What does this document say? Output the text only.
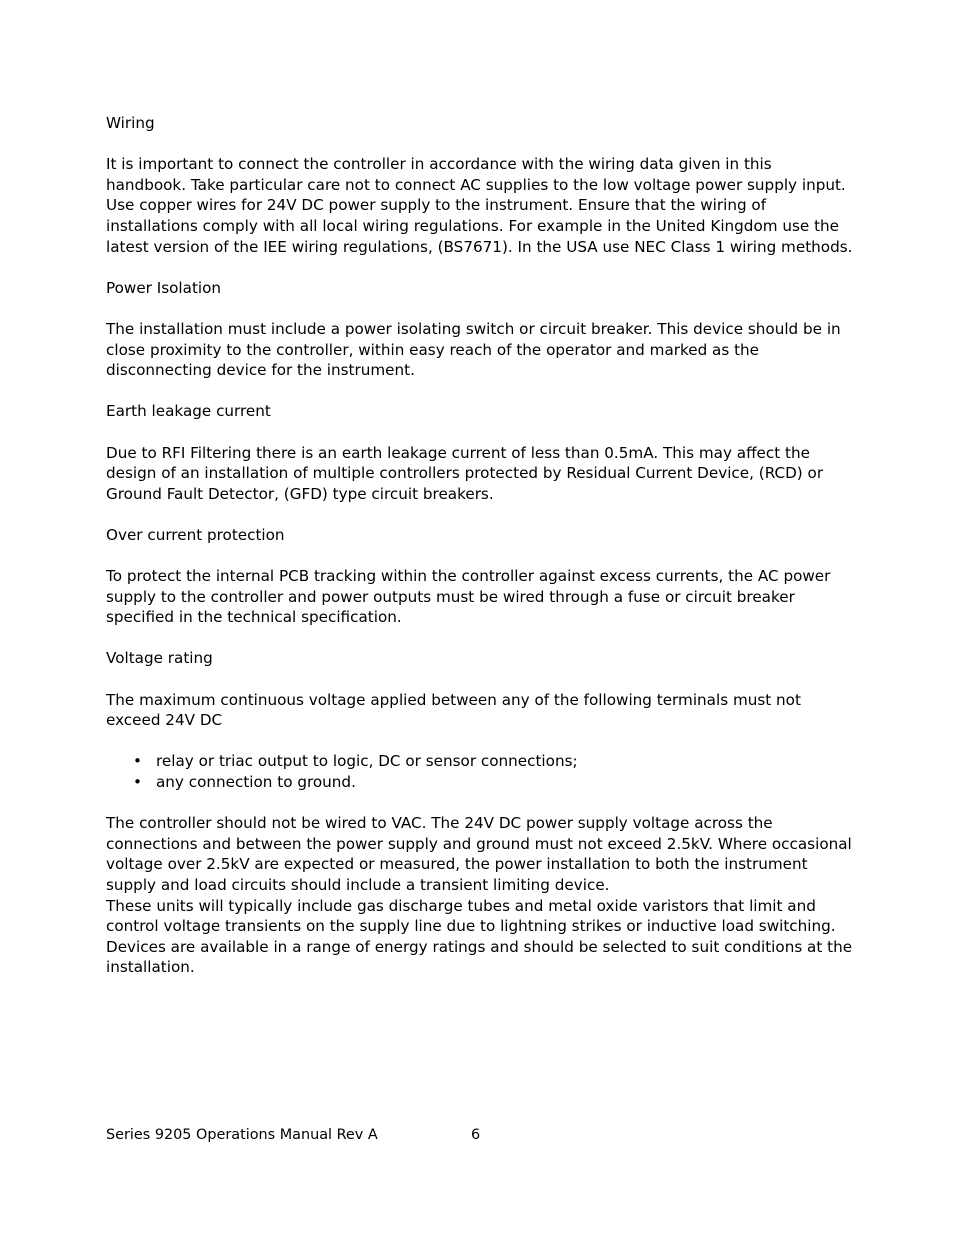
Wiring

It is important to connect the controller in accordance with the wiring data given in this handbook. Take particular care not to connect AC supplies to the low voltage power supply input. Use copper wires for 24V DC power supply to the instrument. Ensure that the wiring of installations comply with all local wiring regulations. For example in the United Kingdom use the latest version of the IEE wiring regulations, (BS7671). In the USA use NEC Class 1 wiring methods.

Power Isolation

The installation must include a power isolating switch or circuit breaker. This device should be in close proximity to the controller, within easy reach of the operator and marked as the disconnecting device for the instrument.

Earth leakage current

Due to RFI Filtering there is an earth leakage current of less than 0.5mA. This may affect the design of an installation of multiple controllers protected by Residual Current Device, (RCD) or Ground Fault Detector, (GFD) type circuit breakers.

Over current protection

To protect the internal PCB tracking within the controller against excess currents, the AC power supply to the controller and power outputs must be wired through a fuse or circuit breaker specified in the technical specification.

Voltage rating

The maximum continuous voltage applied between any of the following terminals must not exceed 24V DC

• relay or triac output to logic, DC or sensor connections;
• any connection to ground.

The controller should not be wired to VAC. The 24V DC power supply voltage across the connections and between the power supply and ground must not exceed 2.5kV. Where occasional voltage over 2.5kV are expected or measured, the power installation to both the instrument supply and load circuits should include a transient limiting device.

These units will typically include gas discharge tubes and metal oxide varistors that limit and control voltage transients on the supply line due to lightning strikes or inductive load switching. Devices are available in a range of energy ratings and should be selected to suit conditions at the installation.

Series 9205 Operations Manual Rev A	6
